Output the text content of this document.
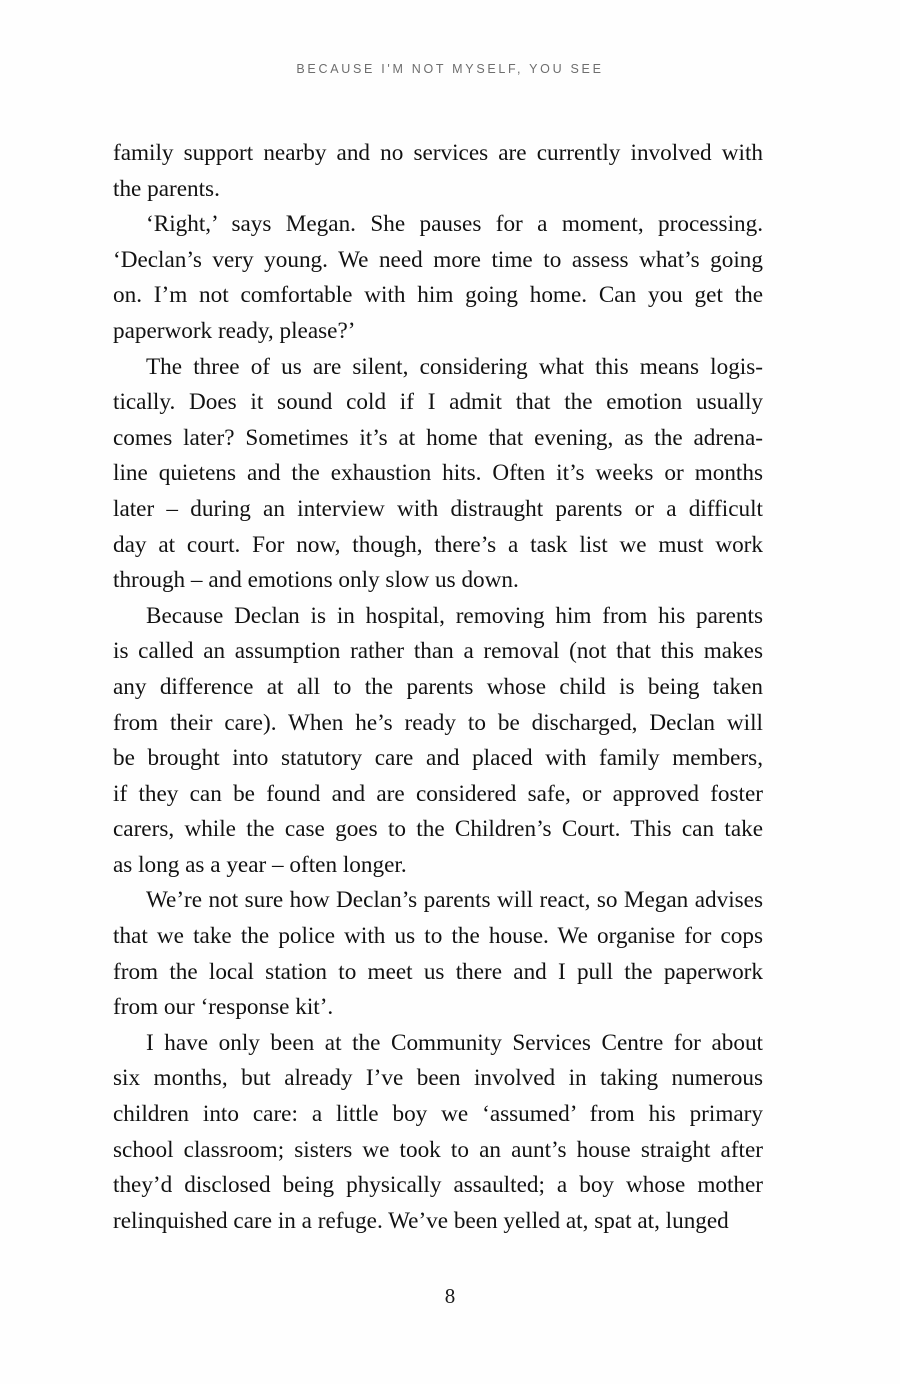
BECAUSE I'M NOT MYSELF, YOU SEE

family support nearby and no services are currently involved with
the parents.

‘Right,’ says Megan. She pauses for a moment, processing.
‘Declan’s very young. We need more time to assess what’s going
on. I’m not comfortable with him going home. Can you get the
paperwork ready, please?’

The three of us are silent, considering what this means logis-
tically. Does it sound cold if I admit that the emotion usually
comes later? Sometimes it’s at home that evening, as the adrena-
line quietens and the exhaustion hits. Often it’s weeks or months
later – during an interview with distraught parents or a difficult
day at court. For now, though, there’s a task list we must work
through – and emotions only slow us down.

Because Declan is in hospital, removing him from his parents
is called an assumption rather than a removal (not that this makes
any difference at all to the parents whose child is being taken
from their care). When he’s ready to be discharged, Declan will
be brought into statutory care and placed with family members,
if they can be found and are considered safe, or approved foster
carers, while the case goes to the Children’s Court. This can take
as long as a year – often longer.

We’re not sure how Declan’s parents will react, so Megan advises
that we take the police with us to the house. We organise for cops
from the local station to meet us there and I pull the paperwork
from our ‘response kit’.

I have only been at the Community Services Centre for about
six months, but already I’ve been involved in taking numerous
children into care: a little boy we ‘assumed’ from his primary
school classroom; sisters we took to an aunt’s house straight after
they’d disclosed being physically assaulted; a boy whose mother
relinquished care in a refuge. We’ve been yelled at, spat at, lunged

8
